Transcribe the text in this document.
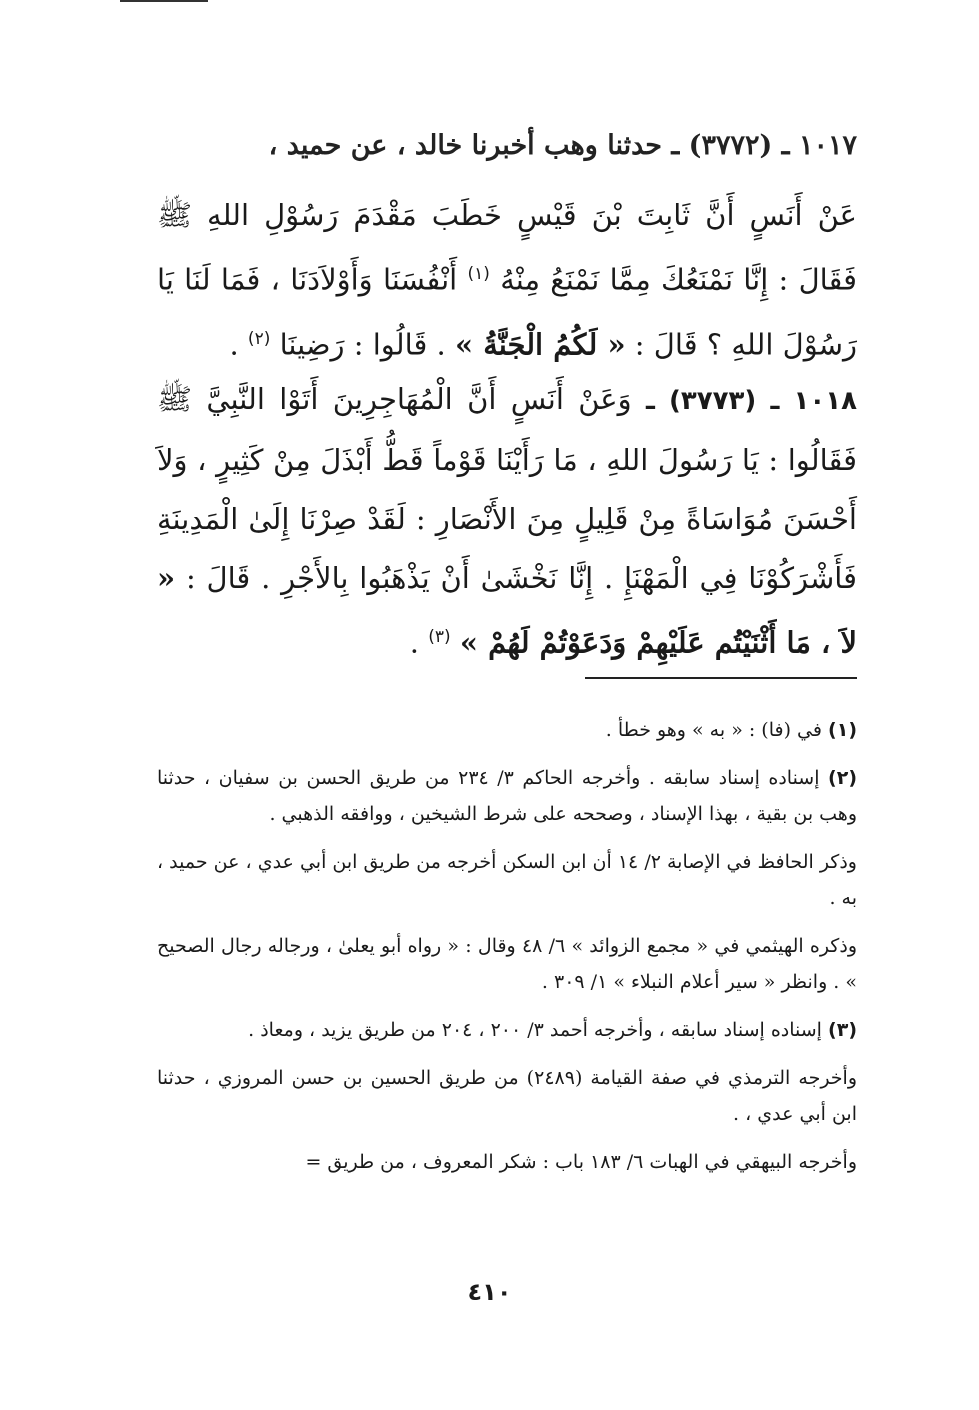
١٠١٧ ـ (٣٧٧٢) ـ حدثنا وهب أخبرنا خالد ، عن حميد ،
عَنْ أَنَسٍ أَنَّ ثَابِتَ بْنَ قَيْسٍ خَطَبَ مَقْدَمَ رَسُوْلِ اللهِ ﷺ فَقَالَ : إِنَّا نَمْنَعُكَ مِمَّا نَمْنَعُ مِنْهُ $^{(١)}$ أَنْفُسَنَا وَأَوْلاَدَنَا ، فَمَا لَنَا يَا رَسُوْلَ اللهِ ؟ قَالَ : « لَكُمُ الْجَنَّةُ » . قَالُوا : رَضِينَا $^{(٢)}$ .
١٠١٨ ـ (٣٧٧٣) ـ وَعَنْ أَنَسٍ أَنَّ الْمُهَاجِرِينَ أَتَوْا النَّبِيَّ ﷺ فَقَالُوا : يَا رَسُولَ اللهِ ، مَا رَأَيْنَا قَوْماً قَطُّ أَبْذَلَ مِنْ كَثِيرٍ ، وَلاَ أَحْسَنَ مُوَاسَاةً مِنْ قَلِيلٍ مِنَ الأَنْصَارِ : لَقَدْ صِرْنَا إِلَىٰ الْمَدِينَةِ فَأَشْرَكُوْنَا فِي الْمَهْنَإِ . إِنَّا نَخْشَىٰ أَنْ يَذْهَبُوا بِالأَجْرِ . قَالَ : « لاَ ، مَا أَثْنَيْتُم عَلَيْهِمْ وَدَعَوْتُمْ لَهُمْ » $^{(٣)}$ .
(١) في (فا) : « به » وهو خطأ .
(٢) إسناده إسناد سابقه . وأخرجه الحاكم ٣/ ٢٣٤ من طريق الحسن بن سفيان ، حدثنا وهب بن بقية ، بهذا الإسناد ، وصححه على شرط الشيخين ، ووافقه الذهبي .
وذكر الحافظ في الإصابة ٢/ ١٤ أن ابن السكن أخرجه من طريق ابن أبي عدي ، عن حميد ، به .
وذكره الهيثمي في « مجمع الزوائد » ٦/ ٤٨ وقال : « رواه أبو يعلىٰ ، ورجاله رجال الصحيح » . وانظر « سير أعلام النبلاء » ١/ ٣٠٩ .
(٣) إسناده إسناد سابقه ، وأخرجه أحمد ٣/ ٢٠٠ ، ٢٠٤ من طريق يزيد ، ومعاذ .
وأخرجه الترمذي في صفة القيامة (٢٤٨٩) من طريق الحسين بن حسن المروزي ، حدثنا ابن أبي عدي ، .
وأخرجه البيهقي في الهبات ٦/ ١٨٣ باب : شكر المعروف ، من طريق =
٤١٠
